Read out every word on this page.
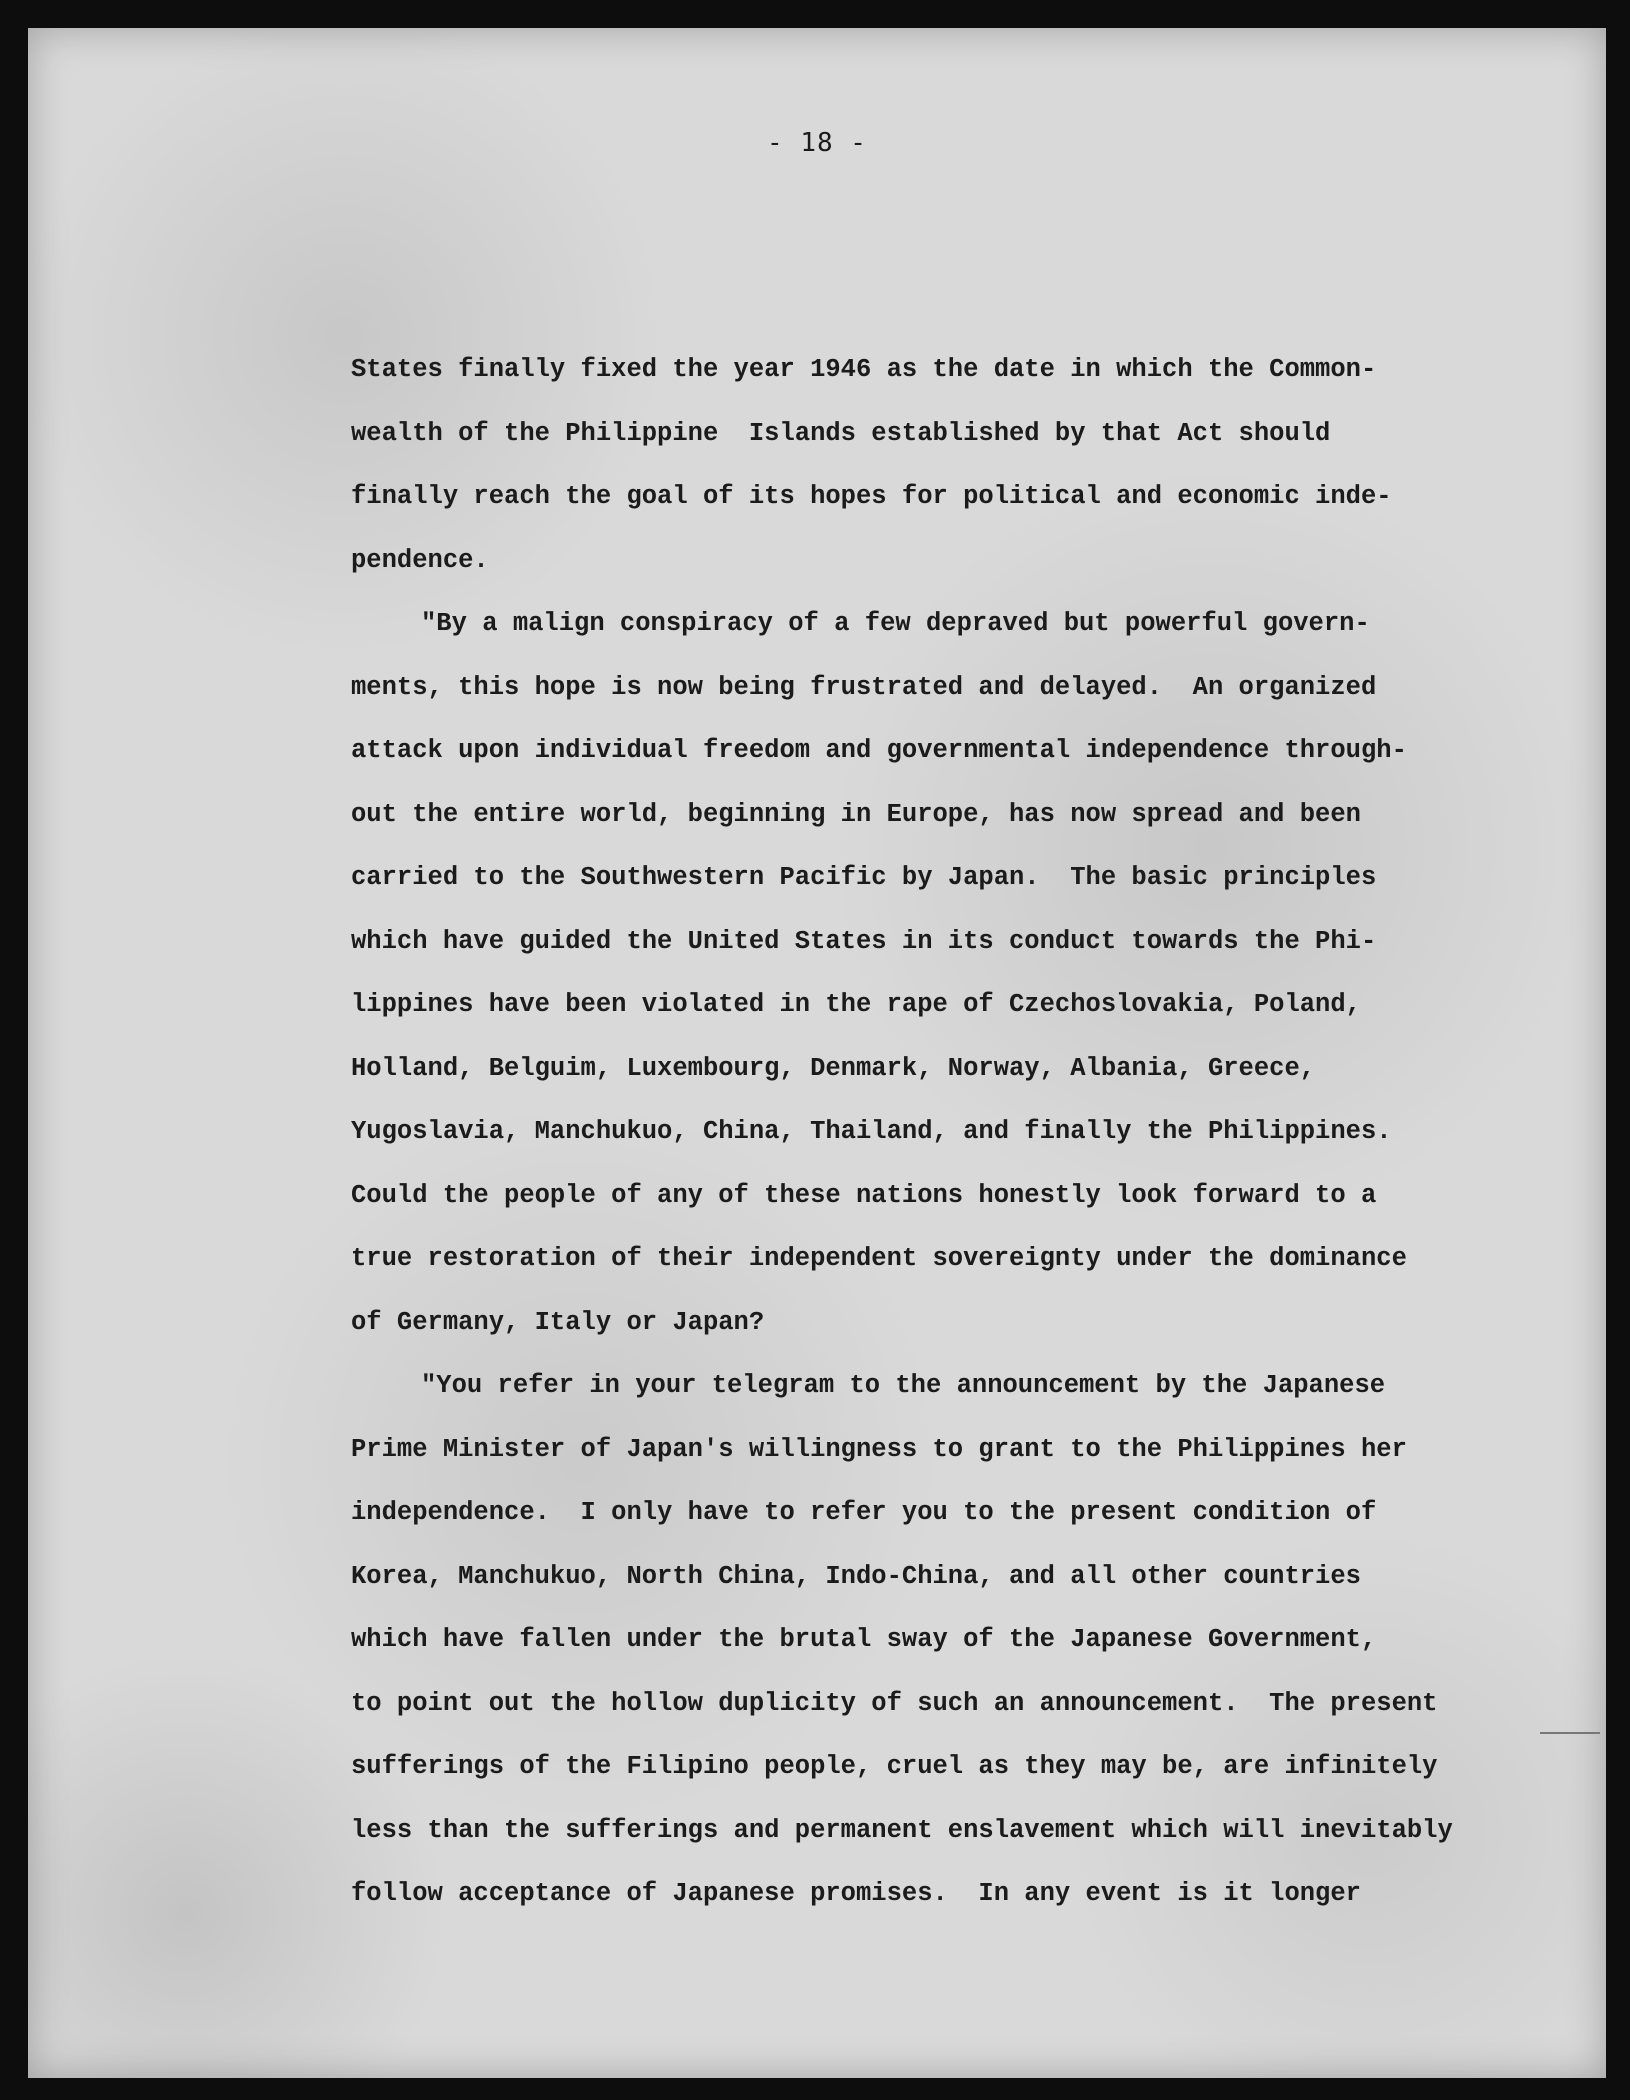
- 18 -

States finally fixed the year 1946 as the date in which the Common-
wealth of the Philippine  Islands established by that Act should
finally reach the goal of its hopes for political and economic inde-
pendence.

"By a malign conspiracy of a few depraved but powerful govern-
ments, this hope is now being frustrated and delayed.  An organized
attack upon individual freedom and governmental independence through-
out the entire world, beginning in Europe, has now spread and been
carried to the Southwestern Pacific by Japan.  The basic principles
which have guided the United States in its conduct towards the Phi-
lippines have been violated in the rape of Czechoslovakia, Poland,
Holland, Belguim, Luxembourg, Denmark, Norway, Albania, Greece,
Yugoslavia, Manchukuo, China, Thailand, and finally the Philippines.
Could the people of any of these nations honestly look forward to a
true restoration of their independent sovereignty under the dominance
of Germany, Italy or Japan?

"You refer in your telegram to the announcement by the Japanese
Prime Minister of Japan's willingness to grant to the Philippines her
independence.  I only have to refer you to the present condition of
Korea, Manchukuo, North China, Indo-China, and all other countries
which have fallen under the brutal sway of the Japanese Government,
to point out the hollow duplicity of such an announcement.  The present
sufferings of the Filipino people, cruel as they may be, are infinitely
less than the sufferings and permanent enslavement which will inevitably
follow acceptance of Japanese promises.  In any event is it longer
